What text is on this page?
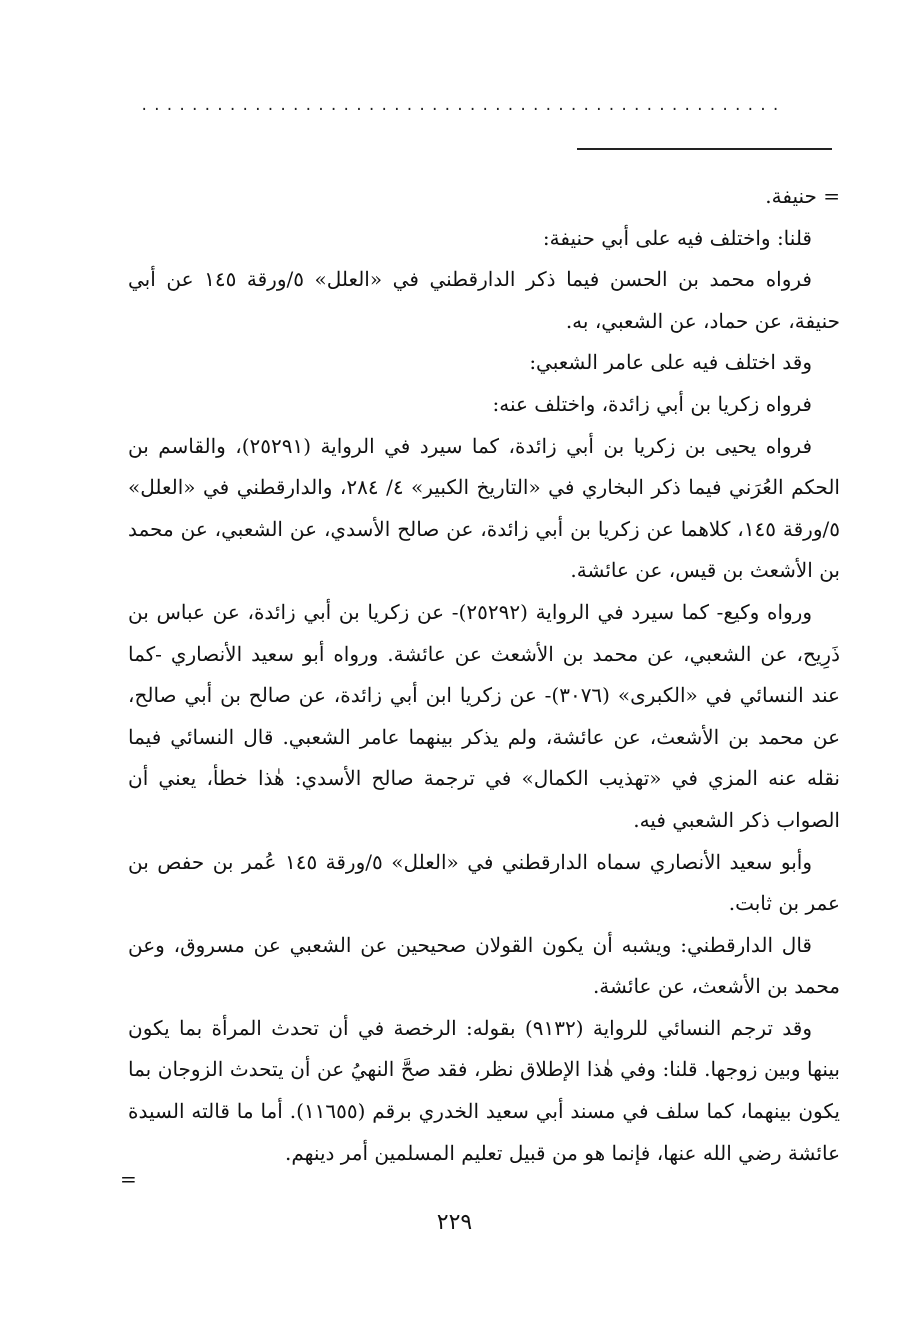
...................................................

= حنيفة.

قلنا: واختلف فيه على أبي حنيفة:

فرواه محمد بن الحسن فيما ذكر الدارقطني في «العلل» ٥/ورقة ١٤٥ عن أبي حنيفة، عن حماد، عن الشعبي، به.

وقد اختلف فيه على عامر الشعبي:

فرواه زكريا بن أبي زائدة، واختلف عنه:

فرواه يحيى بن زكريا بن أبي زائدة، كما سيرد في الرواية (٢٥٢٩١)، والقاسم بن الحكم العُرَني فيما ذكر البخاري في «التاريخ الكبير» ٤/ ٢٨٤، والدارقطني في «العلل» ٥/ورقة ١٤٥، كلاهما عن زكريا بن أبي زائدة، عن صالح الأسدي، عن الشعبي، عن محمد بن الأشعث بن قيس، عن عائشة.

ورواه وكيع- كما سيرد في الرواية (٢٥٢٩٢)- عن زكريا بن أبي زائدة، عن عباس بن ذَرِيح، عن الشعبي، عن محمد بن الأشعث عن عائشة. ورواه أبو سعيد الأنصاري -كما عند النسائي في «الكبرى» (٣٠٧٦)- عن زكريا ابن أبي زائدة، عن صالح بن أبي صالح، عن محمد بن الأشعث، عن عائشة، ولم يذكر بينهما عامر الشعبي. قال النسائي فيما نقله عنه المزي في «تهذيب الكمال» في ترجمة صالح الأسدي: هٰذا خطأ، يعني أن الصواب ذكر الشعبي فيه.

وأبو سعيد الأنصاري سماه الدارقطني في «العلل» ٥/ورقة ١٤٥ عُمر بن حفص بن عمر بن ثابت.

قال الدارقطني: ويشبه أن يكون القولان صحيحين عن الشعبي عن مسروق، وعن محمد بن الأشعث، عن عائشة.

وقد ترجم النسائي للرواية (٩١٣٢) بقوله: الرخصة في أن تحدث المرأة بما يكون بينها وبين زوجها. قلنا: وفي هٰذا الإطلاق نظر، فقد صحَّ النهيُ عن أن يتحدث الزوجان بما يكون بينهما، كما سلف في مسند أبي سعيد الخدري برقم (١١٦٥٥). أما ما قالته السيدة عائشة رضي الله عنها، فإنما هو من قبيل تعليم المسلمين أمر دينهم.

=
٢٢٩
